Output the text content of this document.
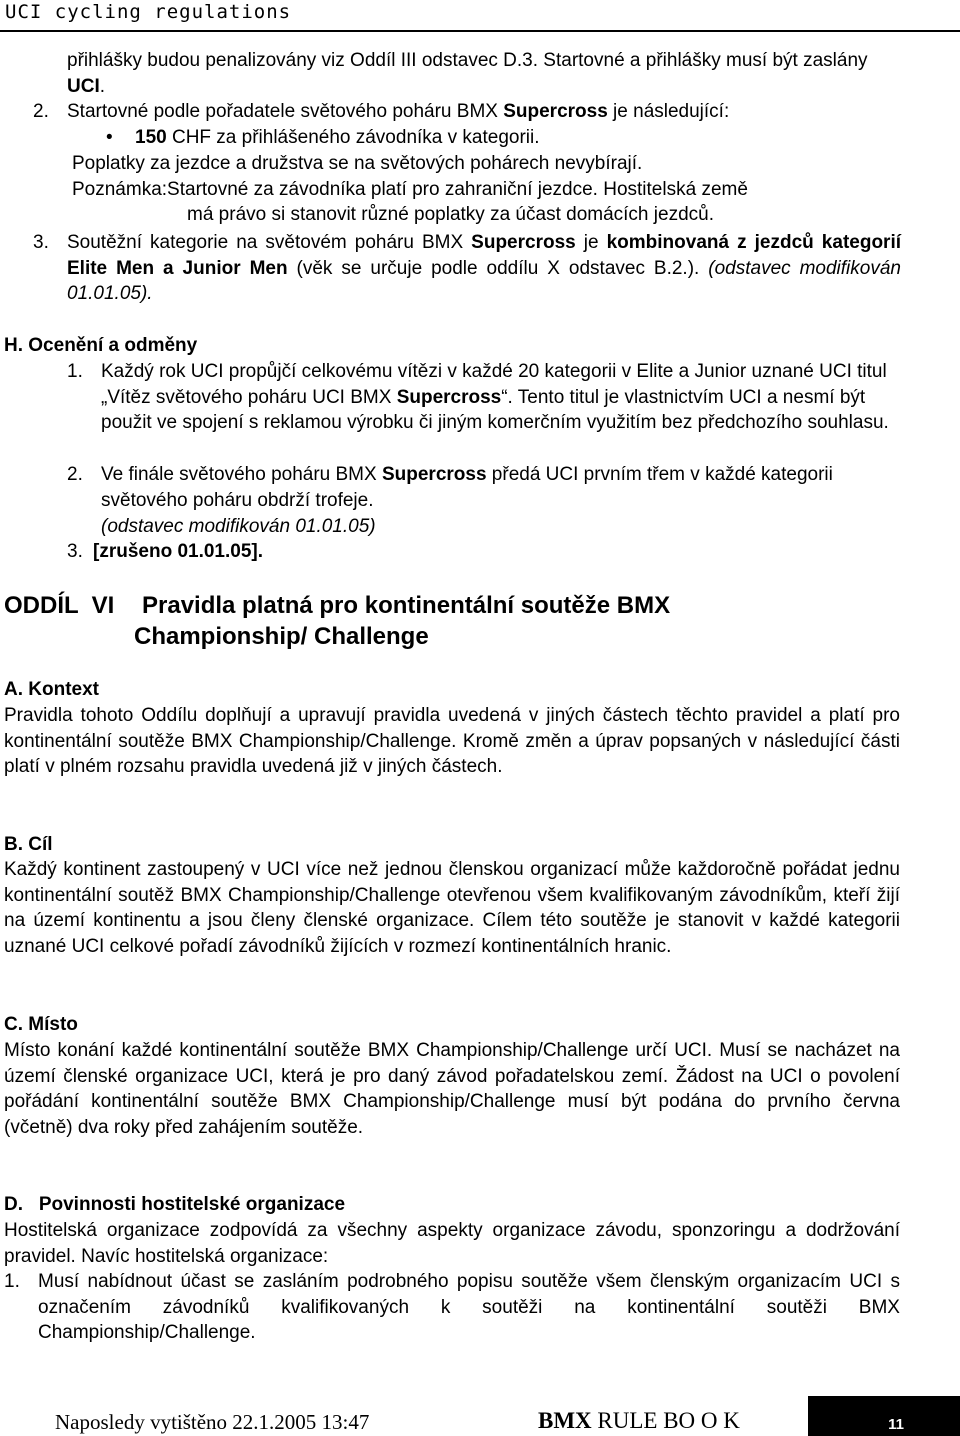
UCI cycling regulations
přihlášky budou penalizovány viz Oddíl III odstavec D.3. Startovné a přihlášky musí být zaslány UCI.
2. Startovné podle pořadatele světového poháru BMX Supercross je následující:
• 150 CHF za přihlášeného závodníka v kategorii.
Poplatky za jezdce a družstva se na světových pohárech nevybírají.
Poznámka:Startovné za závodníka platí pro zahraniční jezdce. Hostitelská země
má právo si stanovit různé poplatky za účast domácích jezdců.
3. Soutěžní kategorie na světovém poháru BMX Supercross je kombinovaná z jezdců kategorií Elite Men a Junior Men (věk se určuje podle oddílu X odstavec B.2.). (odstavec modifikován 01.01.05).
H. Ocenění a odměny
1. Každý rok UCI propůjčí celkovému vítězi v každé 20 kategorii v Elite a Junior uznané UCI titul „Vítěz světového poháru UCI BMX Supercross“. Tento titul je vlastnictvím UCI a nesmí být použit ve spojení s reklamou výrobku či jiným komerčním využitím bez předchozího souhlasu.
2. Ve finále světového poháru BMX Supercross předá UCI prvním třem v každé kategorii světového poháru obdrží trofeje.
(odstavec modifikován 01.01.05)
3. [zrušeno 01.01.05].
ODDÍL  VI Pravidla platná pro kontinentální soutěže BMX
Championship/ Challenge
A. Kontext
Pravidla tohoto Oddílu doplňují a upravují pravidla uvedená v jiných částech těchto pravidel a platí pro kontinentální soutěže BMX Championship/Challenge. Kromě změn a úprav popsaných v následující části platí v plném rozsahu pravidla uvedená již v jiných částech.
B. Cíl
Každý kontinent zastoupený v UCI více než jednou členskou organizací může každoročně pořádat jednu kontinentální soutěž BMX Championship/Challenge otevřenou všem kvalifikovaným závodníkům, kteří žijí na území kontinentu a jsou členy členské organizace. Cílem této soutěže je stanovit v každé kategorii uznané UCI celkové pořadí závodníků žijících v rozmezí kontinentálních hranic.
C. Místo
Místo konání každé kontinentální soutěže BMX Championship/Challenge určí UCI. Musí se nacházet na území členské organizace UCI, která je pro daný závod pořadatelskou zemí. Žádost na UCI o povolení pořádání kontinentální soutěže BMX Championship/Challenge musí být podána do prvního června (včetně) dva roky před zahájením soutěže.
D.   Povinnosti hostitelské organizace
Hostitelská organizace zodpovídá za všechny aspekty organizace závodu, sponzoringu a dodržování pravidel. Navíc hostitelská organizace:
1. Musí nabídnout účast se zasláním podrobného popisu soutěže všem členským organizacím UCI s označením závodníků kvalifikovaných k soutěži na kontinentální soutěži BMX Championship/Challenge.
Naposledy vytištěno 22.1.2005 13:47	BMX RULE BO O K	11
